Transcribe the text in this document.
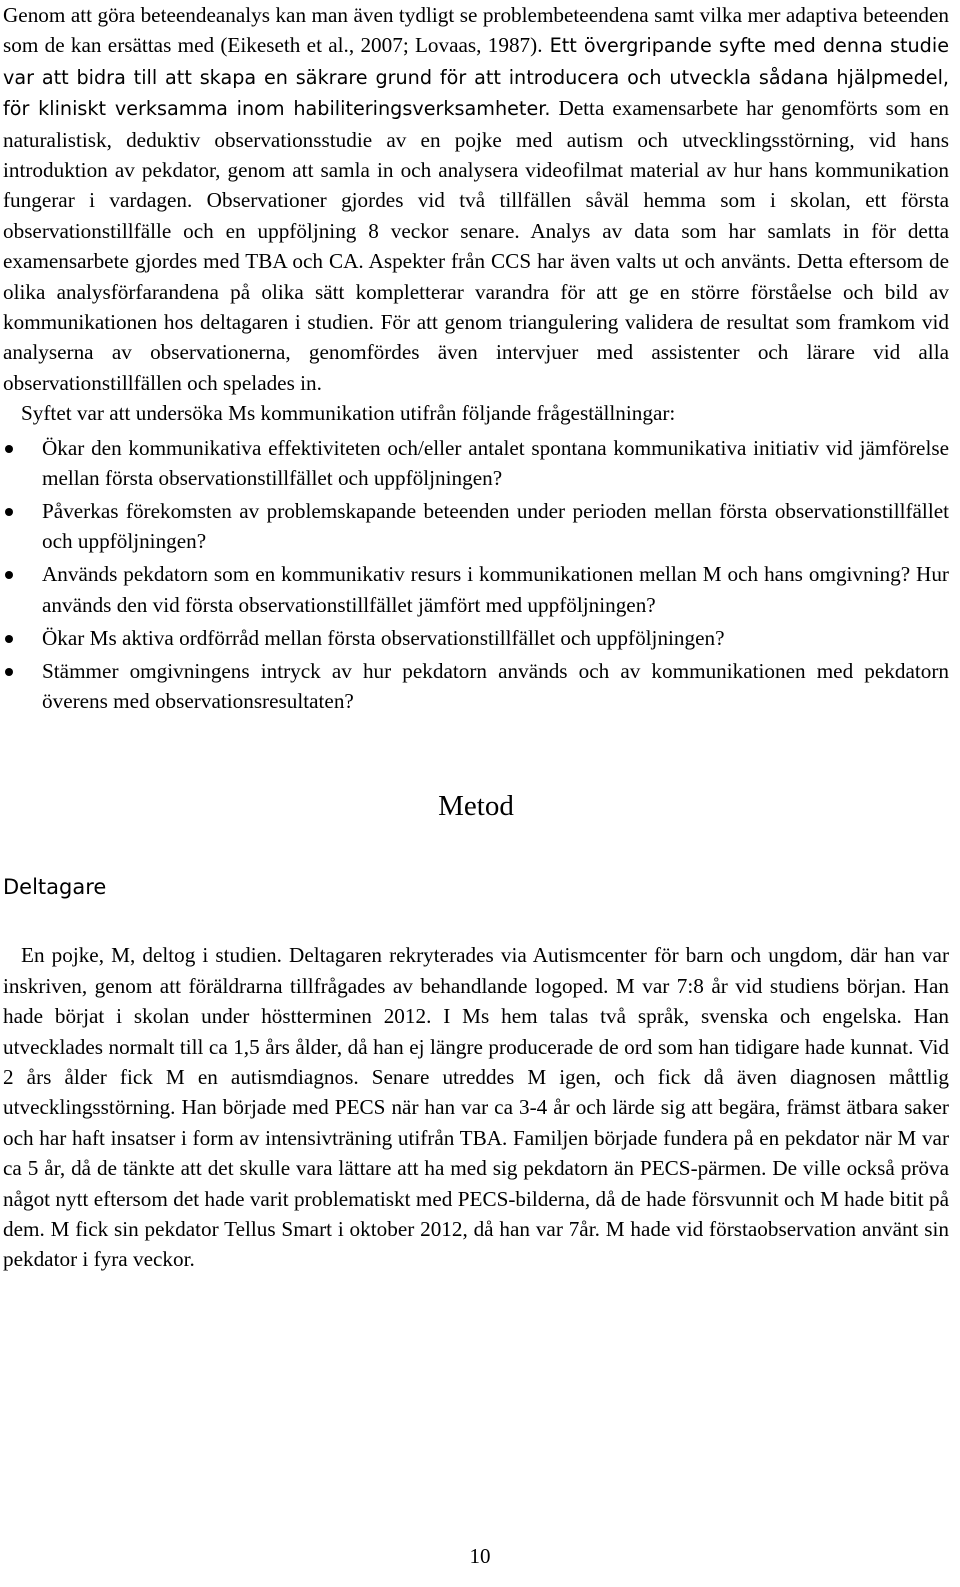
Genom att göra beteendeanalys kan man även tydligt se problembeteendena samt vilka mer adaptiva beteenden som de kan ersättas med (Eikeseth et al., 2007; Lovaas, 1987). Ett övergripande syfte med denna studie var att bidra till att skapa en säkrare grund för att introducera och utveckla sådana hjälpmedel, för kliniskt verksamma inom habiliteringsverksamheter. Detta examensarbete har genomförts som en naturalistisk, deduktiv observationsstudie av en pojke med autism och utvecklingsstörning, vid hans introduktion av pekdator, genom att samla in och analysera videofilmat material av hur hans kommunikation fungerar i vardagen. Observationer gjordes vid två tillfällen såväl hemma som i skolan, ett första observationstillfälle och en uppföljning 8 veckor senare. Analys av data som har samlats in för detta examensarbete gjordes med TBA och CA. Aspekter från CCS har även valts ut och använts. Detta eftersom de olika analysförfarandena på olika sätt kompletterar varandra för att ge en större förståelse och bild av kommunikationen hos deltagaren i studien. För att genom triangulering validera de resultat som framkom vid analyserna av observationerna, genomfördes även intervjuer med assistenter och lärare vid alla observationstillfällen och spelades in.

Syftet var att undersöka Ms kommunikation utifrån följande frågeställningar:

Ökar den kommunikativa effektiviteten och/eller antalet spontana kommunikativa initiativ vid jämförelse mellan första observationstillfället och uppföljningen?
Påverkas förekomsten av problemskapande beteenden under perioden mellan första observationstillfället och uppföljningen?
Används pekdatorn som en kommunikativ resurs i kommunikationen mellan M och hans omgivning? Hur används den vid första observationstillfället jämfört med uppföljningen?
Ökar Ms aktiva ordförråd mellan första observationstillfället och uppföljningen?
Stämmer omgivningens intryck av hur pekdatorn används och av kommunikationen med pekdatorn överens med observationsresultaten?
Metod
Deltagare

En pojke, M, deltog i studien. Deltagaren rekryterades via Autismcenter för barn och ungdom, där han var inskriven, genom att föräldrarna tillfrågades av behandlande logoped. M var 7:8 år vid studiens början. Han hade börjat i skolan under höstterminen 2012. I Ms hem talas två språk, svenska och engelska. Han utvecklades normalt till ca 1,5 års ålder, då han ej längre producerade de ord som han tidigare hade kunnat. Vid 2 års ålder fick M en autismdiagnos. Senare utreddes M igen, och fick då även diagnosen måttlig utvecklingsstörning. Han började med PECS när han var ca 3-4 år och lärde sig att begära, främst ätbara saker och har haft insatser i form av intensivträning utifrån TBA. Familjen började fundera på en pekdator när M var ca 5 år, då de tänkte att det skulle vara lättare att ha med sig pekdatorn än PECS-pärmen. De ville också pröva något nytt eftersom det hade varit problematiskt med PECS-bilderna, då de hade försvunnit och M hade bitit på dem. M fick sin pekdator Tellus Smart i oktober 2012, då han var 7år. M hade vid förstaobservation använt sin pekdator i fyra veckor.

10
